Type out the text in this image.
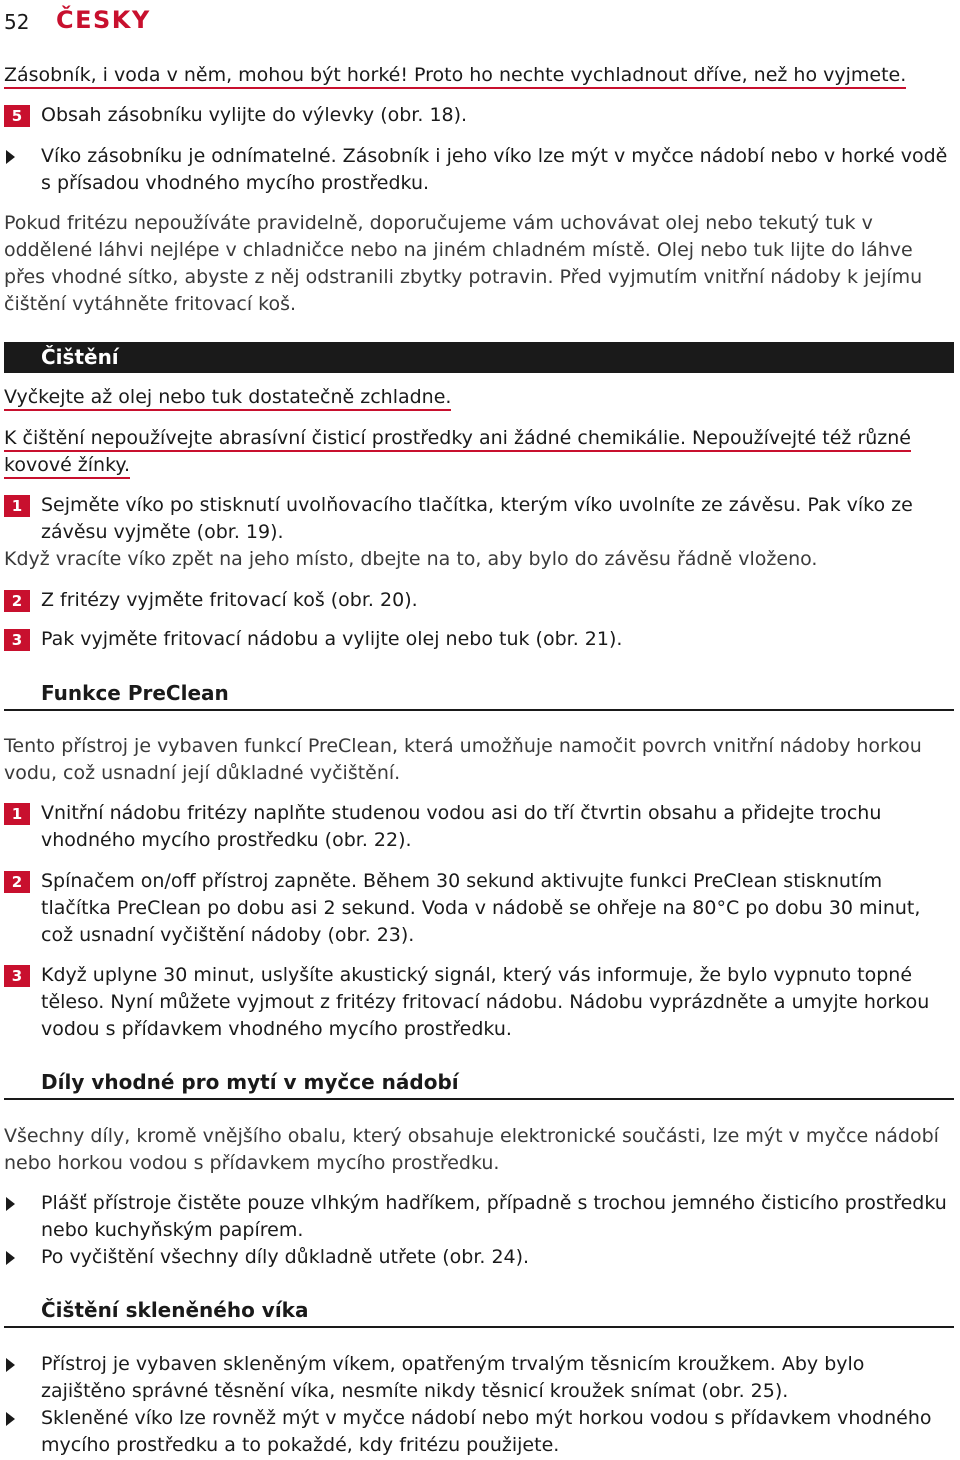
52 ČESKY

Zásobník, i voda v něm, mohou být horké! Proto ho nechte vychladnout dříve, než ho vyjmete.

5 Obsah zásobníku vylijte do výlevky (obr. 18).

Víko zásobníku je odnímatelné. Zásobník i jeho víko lze mýt v myčce nádobí nebo v horké vodě s přísadou vhodného mycího prostředku.

Pokud fritézu nepoužíváte pravidelně, doporučujeme vám uchovávat olej nebo tekutý tuk v oddělené láhvi nejlépe v chladničce nebo na jiném chladném místě. Olej nebo tuk lijte do láhve přes vhodné sítko, abyste z něj odstranili zbytky potravin. Před vyjmutím vnitřní nádoby k jejímu čištění vytáhněte fritovací koš.

Čištění

Vyčkejte až olej nebo tuk dostatečně zchladne.

K čištění nepoužívejte abrasívní čisticí prostředky ani žádné chemikálie. Nepoužívejté též různé kovové žínky.

1 Sejměte víko po stisknutí uvolňovacího tlačítka, kterým víko uvolníte ze závěsu. Pak víko ze závěsu vyjměte (obr. 19).

Když vracíte víko zpět na jeho místo, dbejte na to, aby bylo do závěsu řádně vloženo.

2 Z fritézy vyjměte fritovací koš (obr. 20).

3 Pak vyjměte fritovací nádobu a vylijte olej nebo tuk (obr. 21).

Funkce PreClean

Tento přístroj je vybaven funkcí PreClean, která umožňuje namočit povrch vnitřní nádoby horkou vodu, což usnadní její důkladné vyčištění.

1 Vnitřní nádobu fritézy naplňte studenou vodou asi do tří čtvrtin obsahu a přidejte trochu vhodného mycího prostředku (obr. 22).

2 Spínačem on/off přístroj zapněte. Během 30 sekund aktivujte funkci PreClean stisknutím tlačítka PreClean po dobu asi 2 sekund. Voda v nádobě se ohřeje na 80°C po dobu 30 minut, což usnadní vyčištění nádoby (obr. 23).

3 Když uplyne 30 minut, uslyšíte akustický signál, který vás informuje, že bylo vypnuto topné těleso. Nyní můžete vyjmout z fritézy fritovací nádobu. Nádobu vyprázdněte a umyjte horkou vodou s přídavkem vhodného mycího prostředku.

Díly vhodné pro mytí v myčce nádobí

Všechny díly, kromě vnějšího obalu, který obsahuje elektronické součásti, lze mýt v myčce nádobí nebo horkou vodou s přídavkem mycího prostředku.

Plášť přístroje čistěte pouze vlhkým hadříkem, případně s trochou jemného čisticího prostředku nebo kuchyňským papírem.

Po vyčištění všechny díly důkladně utřete (obr. 24).

Čištění skleněného víka

Přístroj je vybaven skleněným víkem, opatřeným trvalým těsnicím kroužkem. Aby bylo zajištěno správné těsnění víka, nesmíte nikdy těsnicí kroužek snímat (obr. 25).

Skleněné víko lze rovněž mýt v myčce nádobí nebo mýt horkou vodou s přídavkem vhodného mycího prostředku a to pokaždé, kdy fritézu použijete.
